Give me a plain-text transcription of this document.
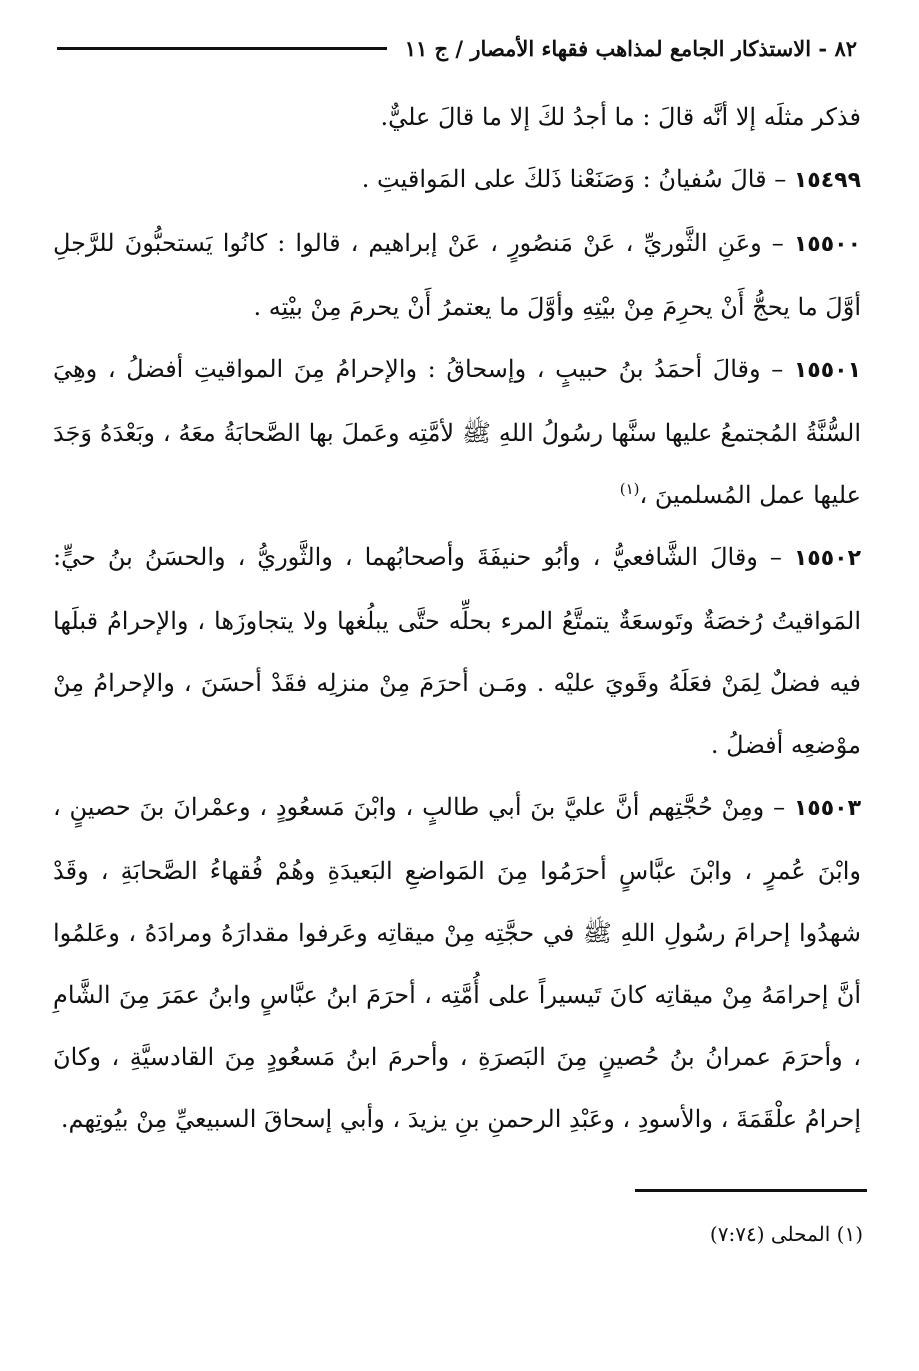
٨٢ - الاستذكار الجامع لمذاهب فقهاء الأمصار / ج ١١

فذكر مثلَه إلا أنَّه قالَ : ما أجدُ لكَ إلا ما قالَ عليٌّ.

١٥٤٩٩ – قالَ سُفيانُ : وَصَنَعْنا ذَلكَ على المَواقيتِ .

١٥٥٠٠ – وعَنِ الثَّوريِّ ، عَنْ مَنصُورٍ ، عَنْ إبراهيم ، قالوا : كانُوا يَستحبُّونَ للرَّجلِ أوَّلَ ما يحجُّ أَنْ يحرِمَ مِنْ بيْتِهِ وأوَّلَ ما يعتمرُ أَنْ يحرمَ مِنْ بيْتِه .

١٥٥٠١ – وقالَ أحمَدُ بنُ حبيبٍ ، وإسحاقُ : والإحرامُ مِنَ المواقيتِ أفضلُ ، وهِيَ السُّنَّةُ المُجتمعُ عليها سنَّها رسُولُ اللهِ ﷺ لأمَّتِه وعَملَ بها الصَّحابَةُ معَهُ ، وبَعْدَهُ وَجَدَ عليها عمل المُسلمينَ ،$^{(١)}$

١٥٥٠٢ – وقالَ الشَّافعيُّ ، وأبُو حنيفَةَ وأصحابُهما ، والثَّوريُّ ، والحسَنُ بنُ حيٍّ: المَواقيتُ رُخصَةٌ وتَوسعَةٌ يتمتَّعُ المرء بحلِّه حتَّى يبلُغها ولا يتجاوزَها ، والإحرامُ قبلَها فيه فضلٌ لِمَنْ فعَلَهُ وقَويَ عليْه . ومَـن أحرَمَ مِنْ منزلِه فقَدْ أحسَنَ ، والإحرامُ مِنْ موْضعِه أفضلُ .

١٥٥٠٣ – ومِنْ حُجَّتِهم أنَّ عليَّ بنَ أبي طالبٍ ، وابْنَ مَسعُودٍ ، وعمْرانَ بنَ حصينٍ ، وابْنَ عُمرٍ ، وابْنَ عبَّاسٍ أحرَمُوا مِنَ المَواضعِ البَعيدَةِ وهُمْ فُقهاءُ الصَّحابَةِ ، وقَدْ شهدُوا إحرامَ رسُولِ اللهِ ﷺ في حجَّتِه مِنْ ميقاتِه وعَرفوا مقدارَهُ ومرادَهُ ، وعَلمُوا أنَّ إحرامَهُ مِنْ ميقاتِه كانَ تَيسيراً على أُمَّتِه ، أحرَمَ ابنُ عبَّاسٍ وابنُ عمَرَ مِنَ الشَّامِ ، وأحرَمَ عمرانُ بنُ حُصينٍ مِنَ البَصرَةِ ، وأحرمَ ابنُ مَسعُودٍ مِنَ القادسيَّةِ ، وكانَ إحرامُ علْقَمَةَ ، والأسودِ ، وعَبْدِ الرحمنِ بنِ يزيدَ ، وأبي إسحاقَ السبيعيِّ مِنْ بيُوتِهم.

(١) المحلى (٧:٧٤)
